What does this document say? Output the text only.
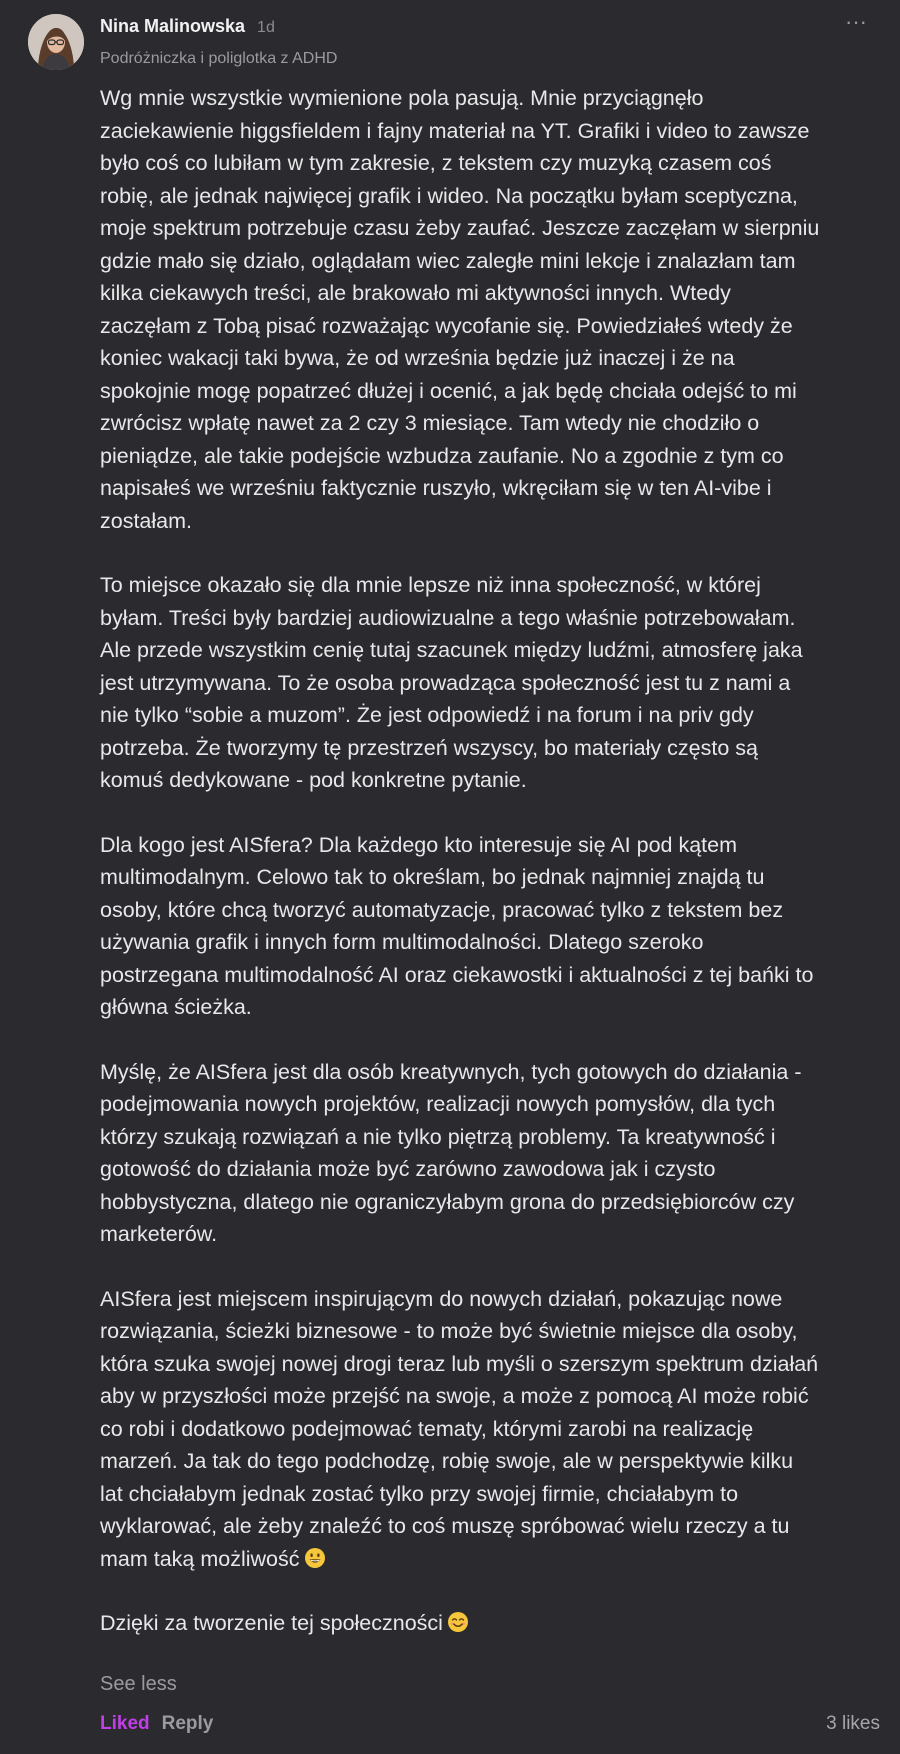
Nina Malinowska 1d
Podróżniczka i poliglotka z ADHD
···

Wg mnie wszystkie wymienione pola pasują. Mnie przyciągnęło zaciekawienie higgsfieldem i fajny materiał na YT. Grafiki i video to zawsze było coś co lubiłam w tym zakresie, z tekstem czy muzyką czasem coś robię, ale jednak najwięcej grafik i wideo. Na początku byłam sceptyczna, moje spektrum potrzebuje czasu żeby zaufać. Jeszcze zaczęłam w sierpniu gdzie mało się działo, oglądałam wiec zaległe mini lekcje i znalazłam tam kilka ciekawych treści, ale brakowało mi aktywności innych. Wtedy zaczęłam z Tobą pisać rozważając wycofanie się. Powiedziałeś wtedy że koniec wakacji taki bywa, że od września będzie już inaczej i że na spokojnie mogę popatrzeć dłużej i ocenić, a jak będę chciała odejść to mi zwrócisz wpłatę nawet za 2 czy 3 miesiące. Tam wtedy nie chodziło o pieniądze, ale takie podejście wzbudza zaufanie. No a zgodnie z tym co napisałeś we wrześniu faktycznie ruszyło, wkręciłam się w ten AI-vibe i zostałam.

To miejsce okazało się dla mnie lepsze niż inna społeczność, w której byłam. Treści były bardziej audiowizualne a tego właśnie potrzebowałam. Ale przede wszystkim cenię tutaj szacunek między ludźmi, atmosferę jaka jest utrzymywana. To że osoba prowadząca społeczność jest tu z nami a nie tylko “sobie a muzom”. Że jest odpowiedź i na forum i na priv gdy potrzeba. Że tworzymy tę przestrzeń wszyscy, bo materiały często są komuś dedykowane - pod konkretne pytanie.

Dla kogo jest AISfera? Dla każdego kto interesuje się AI pod kątem multimodalnym. Celowo tak to określam, bo jednak najmniej znajdą tu osoby, które chcą tworzyć automatyzacje, pracować tylko z tekstem bez używania grafik i innych form multimodalności. Dlatego szeroko postrzegana multimodalność AI oraz ciekawostki i aktualności z tej bańki to główna ścieżka.

Myślę, że AISfera jest dla osób kreatywnych, tych gotowych do działania - podejmowania nowych projektów, realizacji nowych pomysłów, dla tych którzy szukają rozwiązań a nie tylko piętrzą problemy. Ta kreatywność i gotowość do działania może być zarówno zawodowa jak i czysto hobbystyczna, dlatego nie ograniczyłabym grona do przedsiębiorców czy marketerów.

AISfera jest miejscem inspirującym do nowych działań, pokazując nowe rozwiązania, ścieżki biznesowe - to może być świetnie miejsce dla osoby, która szuka swojej nowej drogi teraz lub myśli o szerszym spektrum działań aby w przyszłości może przejść na swoje, a może z pomocą AI może robić co robi i dodatkowo podejmować tematy, którymi zarobi na realizację marzeń. Ja tak do tego podchodzę, robię swoje, ale w perspektywie kilku lat chciałabym jednak zostać tylko przy swojej firmie, chciałabym to wyklarować, ale żeby znaleźć to coś muszę spróbować wielu rzeczy a tu mam taką możliwość

Dzięki za tworzenie tej społeczności

See less
Liked Reply	3 likes
